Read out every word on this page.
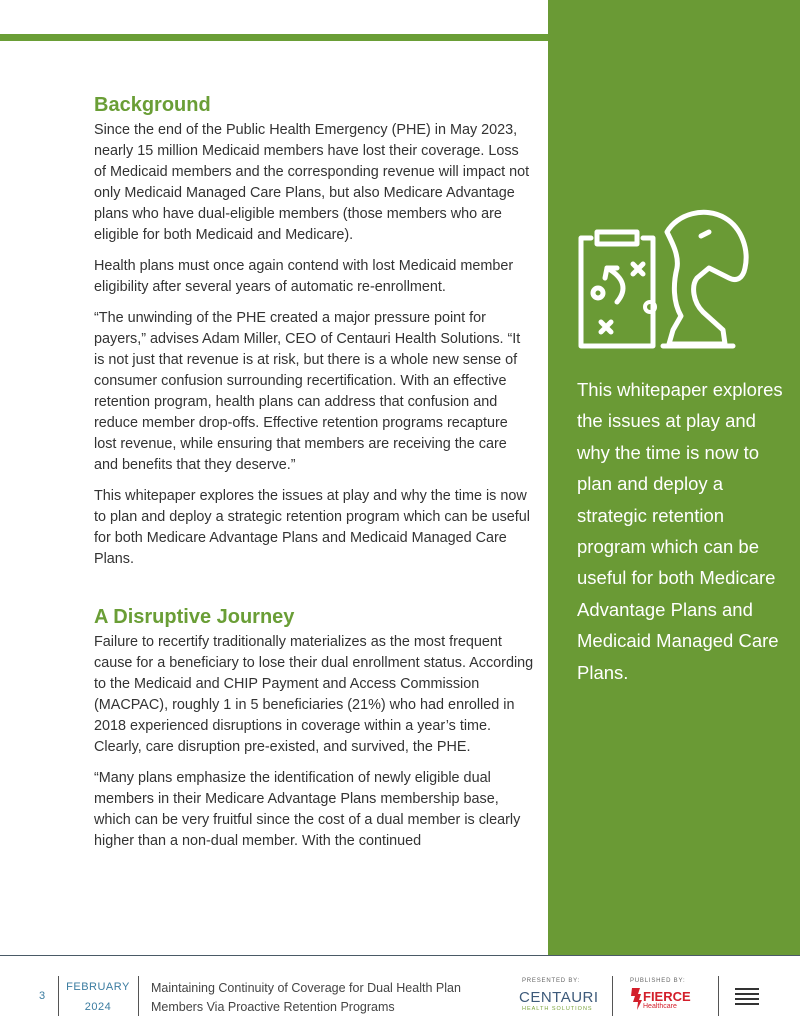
Background

Since the end of the Public Health Emergency (PHE) in May 2023, nearly 15 million Medicaid members have lost their coverage. Loss of Medicaid members and the corresponding revenue will impact not only Medicaid Managed Care Plans, but also Medicare Advantage plans who have dual-eligible members (those members who are eligible for both Medicaid and Medicare).

Health plans must once again contend with lost Medicaid member eligibility after several years of automatic re-enrollment.

“The unwinding of the PHE created a major pressure point for payers,” advises Adam Miller, CEO of Centauri Health Solutions. “It is not just that revenue is at risk, but there is a whole new sense of consumer confusion surrounding recertification. With an effective retention program, health plans can address that confusion and reduce member drop-offs. Effective retention programs recapture lost revenue, while ensuring that members are receiving the care and benefits that they deserve.”

This whitepaper explores the issues at play and why the time is now to plan and deploy a strategic retention program which can be useful for both Medicare Advantage Plans and Medicaid Managed Care Plans.

A Disruptive Journey

Failure to recertify traditionally materializes as the most frequent cause for a beneficiary to lose their dual enrollment status. According to the Medicaid and CHIP Payment and Access Commission (MACPAC), roughly 1 in 5 beneficiaries (21%) who had enrolled in 2018 experienced disruptions in coverage within a year’s time. Clearly, care disruption pre-existed, and survived, the PHE.

“Many plans emphasize the identification of newly eligible dual members in their Medicare Advantage Plans membership base, which can be very fruitful since the cost of a dual member is clearly higher than a non-dual member. With the continued

This whitepaper explores the issues at play and why the time is now to plan and deploy a strategic retention program which can be useful for both Medicare Advantage Plans and Medicaid Managed Care Plans.
3
FEBRUARY
2024
Maintaining Continuity of Coverage for Dual Health Plan Members Via Proactive Retention Programs
PRESENTED BY:
CENTAURI
HEALTH SOLUTIONS
PUBLISHED BY:
FIERCE
Healthcare
